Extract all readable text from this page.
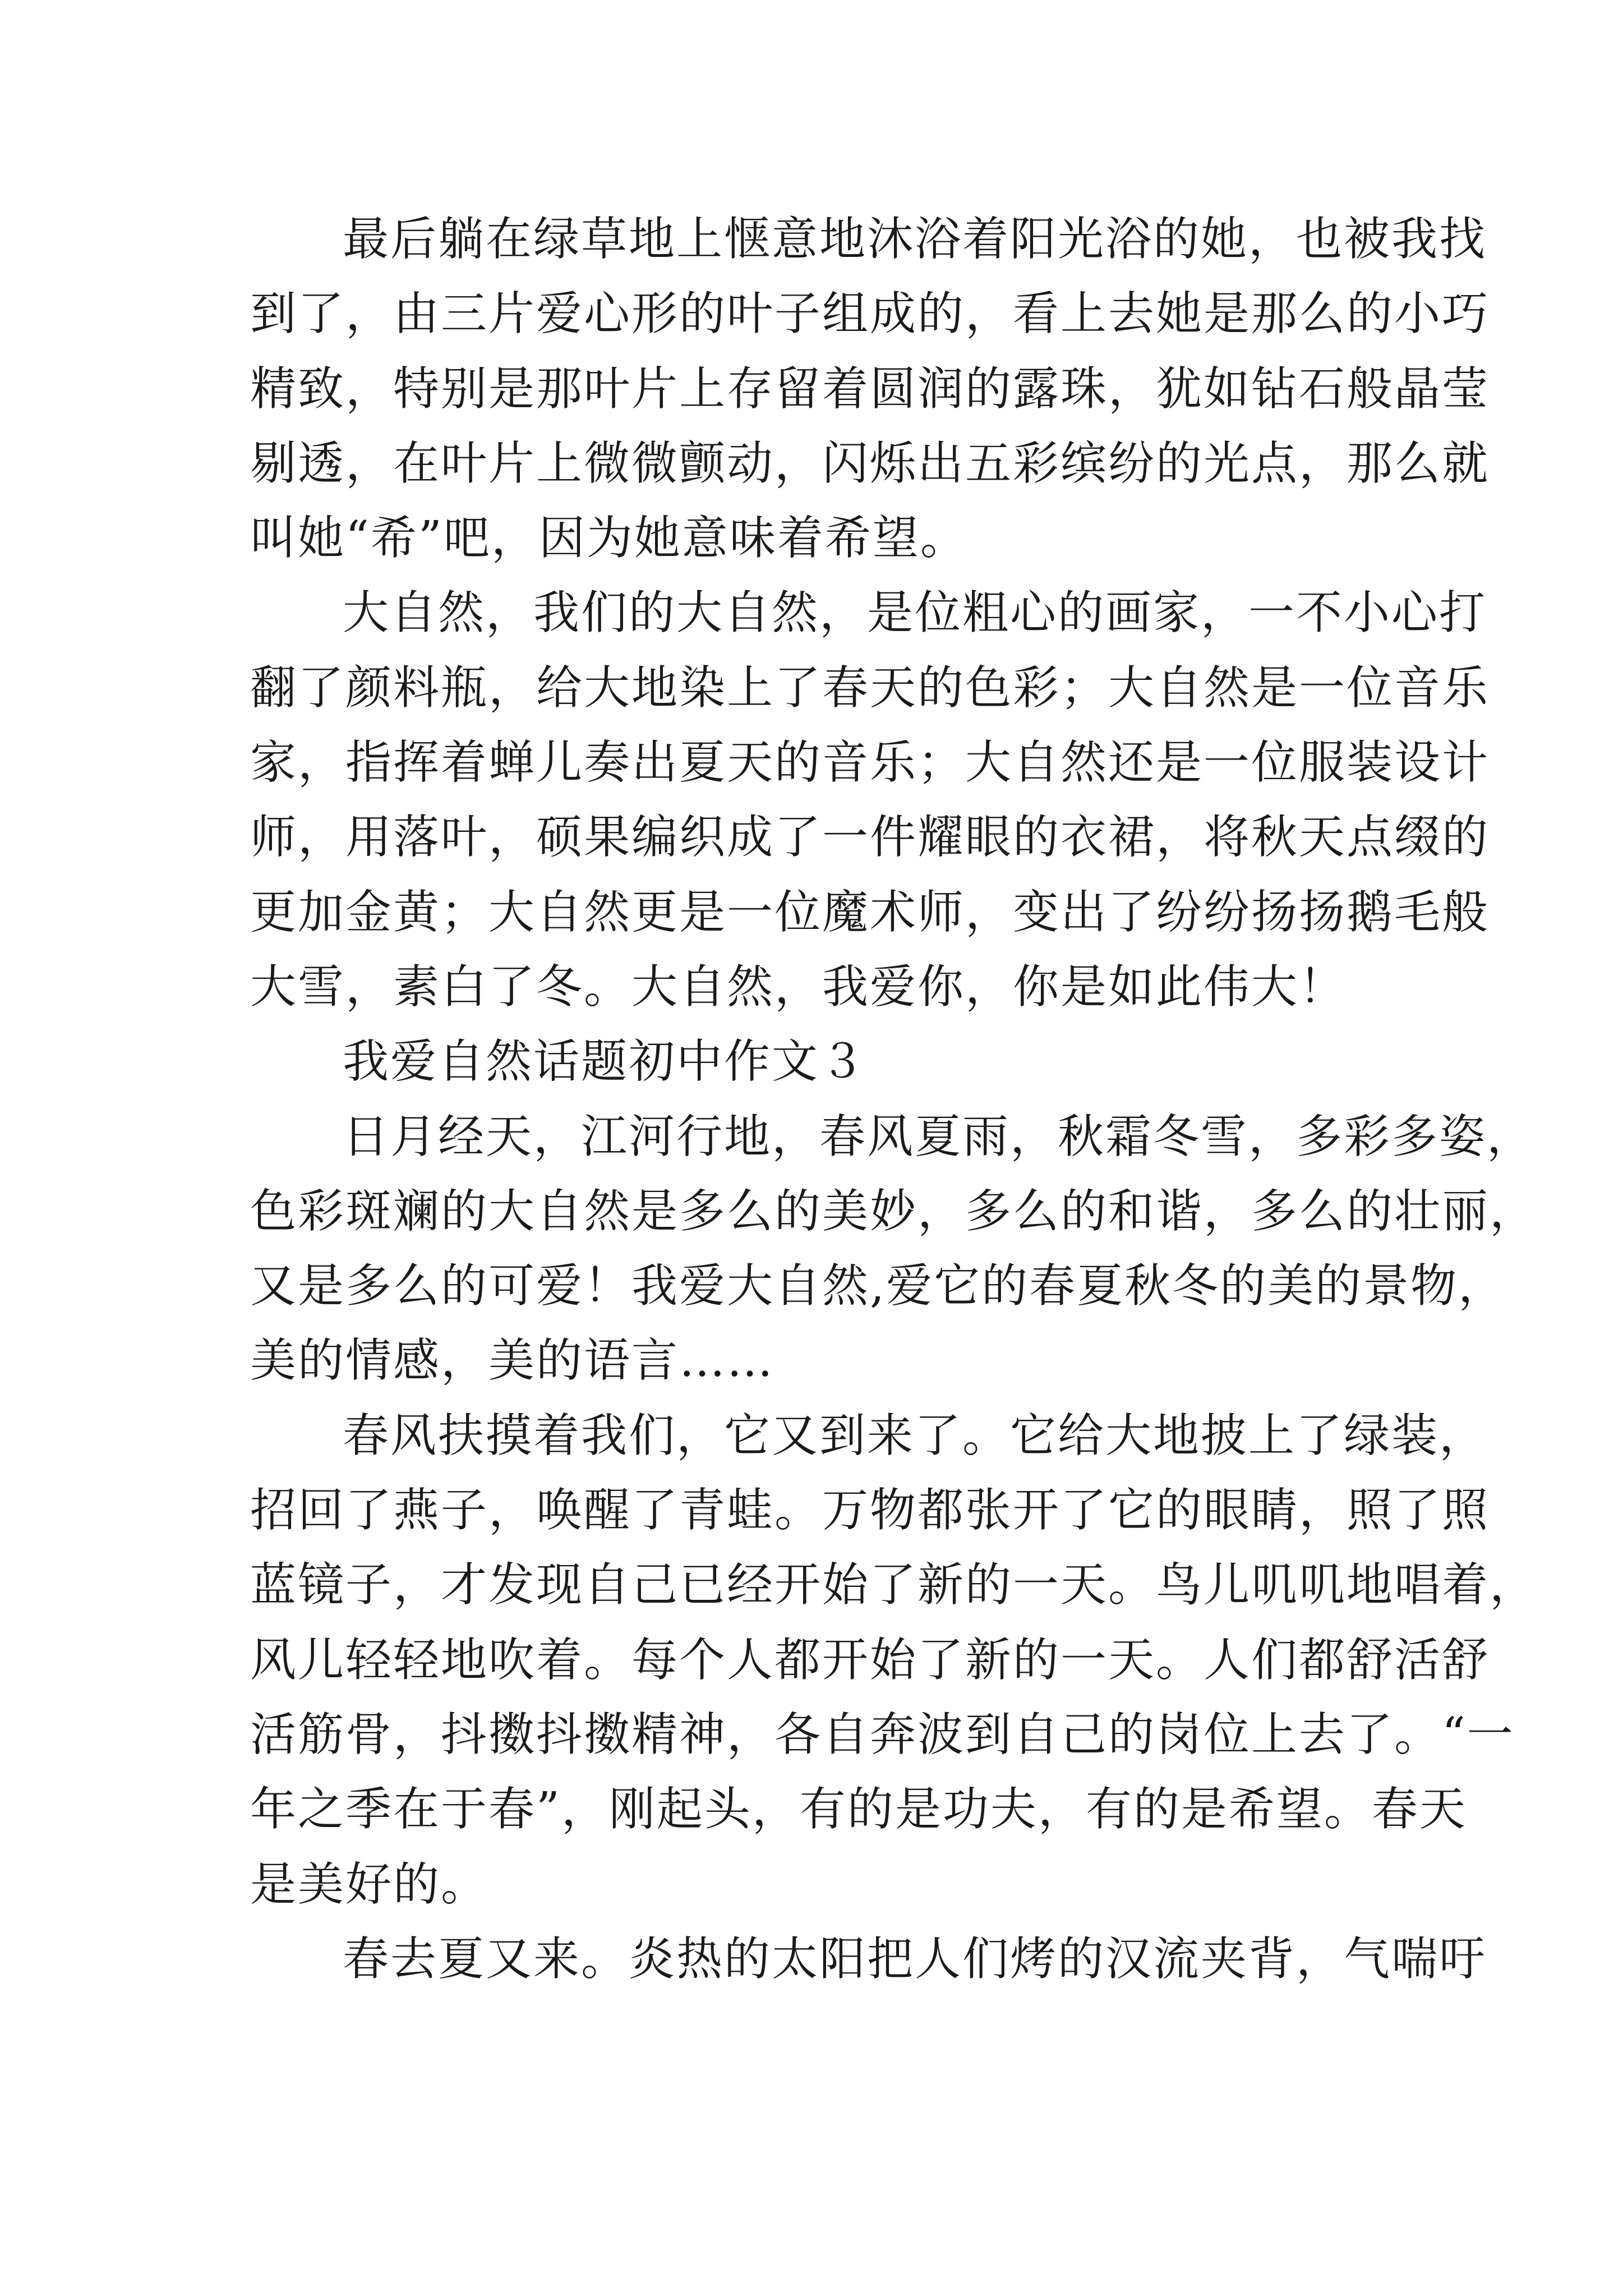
最后躺在绿草地上惬意地沐浴着阳光浴的她，也被我找
到了，由三片爱心形的叶子组成的，看上去她是那么的小巧
精致，特别是那叶片上存留着圆润的露珠，犹如钻石般晶莹
剔透，在叶片上微微颤动，闪烁出五彩缤纷的光点，那么就
叫她“希”吧，因为她意味着希望。
大自然，我们的大自然，是位粗心的画家，一不小心打
翻了颜料瓶，给大地染上了春天的色彩；大自然是一位音乐
家，指挥着蝉儿奏出夏天的音乐；大自然还是一位服装设计
师，用落叶，硕果编织成了一件耀眼的衣裙，将秋天点缀的
更加金黄；大自然更是一位魔术师，变出了纷纷扬扬鹅毛般
大雪，素白了冬。大自然，我爱你，你是如此伟大！
我爱自然话题初中作文３
日月经天，江河行地，春风夏雨，秋霜冬雪，多彩多姿，
色彩斑斓的大自然是多么的美妙，多么的和谐，多么的壮丽，
又是多么的可爱！我爱大自然,爱它的春夏秋冬的美的景物，
美的情感，美的语言……
春风扶摸着我们，它又到来了。它给大地披上了绿装，
招回了燕子，唤醒了青蛙。万物都张开了它的眼睛，照了照
蓝镜子，才发现自己已经开始了新的一天。鸟儿叽叽地唱着，
风儿轻轻地吹着。每个人都开始了新的一天。人们都舒活舒
活筋骨，抖擞抖擞精神，各自奔波到自己的岗位上去了。“一
年之季在于春”，刚起头，有的是功夫，有的是希望。春天
是美好的。
春去夏又来。炎热的太阳把人们烤的汉流夹背，气喘吁
